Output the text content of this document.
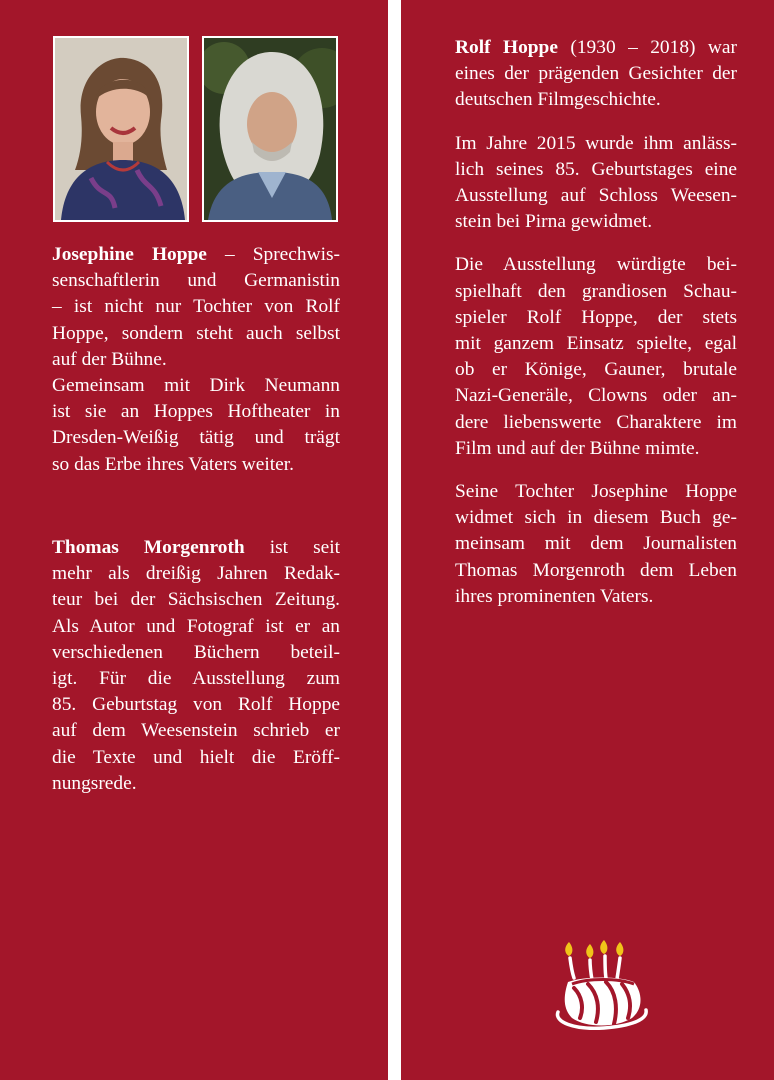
Josephine Hoppe – Sprechwis-
senschaftlerin und Germanistin
– ist nicht nur Tochter von Rolf
Hoppe, sondern steht auch selbst
auf der Bühne.
Gemeinsam mit Dirk Neumann
ist sie an Hoppes Hoftheater in
Dresden-Weißig tätig und trägt
so das Erbe ihres Vaters weiter.
Thomas Morgenroth ist seit
mehr als dreißig Jahren Redak-
teur bei der Sächsischen Zeitung.
Als Autor und Fotograf ist er an
verschiedenen Büchern beteil-
igt. Für die Ausstellung zum
85. Geburtstag von Rolf Hoppe
auf dem Weesenstein schrieb er
die Texte und hielt die Eröff-
nungsrede.
Rolf Hoppe (1930 – 2018) war
eines der prägenden Gesichter der
deutschen Filmgeschichte.
Im Jahre 2015 wurde ihm anläss-
lich seines 85. Geburtstages eine
Ausstellung auf Schloss Weesen-
stein bei Pirna gewidmet.
Die Ausstellung würdigte bei-
spielhaft den grandiosen Schau-
spieler Rolf Hoppe, der stets
mit ganzem Einsatz spielte, egal
ob er Könige, Gauner, brutale
Nazi-Generäle, Clowns oder an-
dere liebenswerte Charaktere im
Film und auf der Bühne mimte.
Seine Tochter Josephine Hoppe
widmet sich in diesem Buch ge-
meinsam mit dem Journalisten
Thomas Morgenroth dem Leben
ihres prominenten Vaters.
